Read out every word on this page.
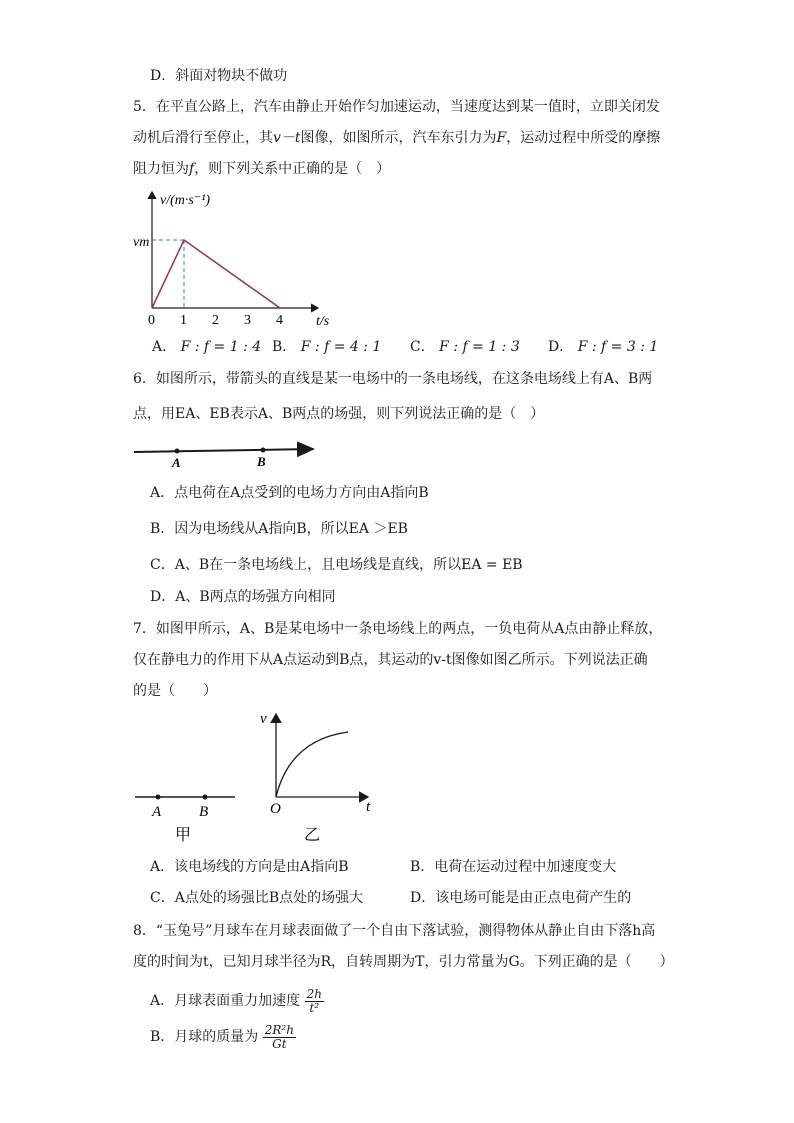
D．斜面对物块不做功
5．在平直公路上，汽车由静止开始作匀加速运动，当速度达到某一值时，立即关闭发
动机后滑行至停止，其v－t图像，如图所示，汽车东引力为F，运动过程中所受的摩擦
阻力恒为f，则下列关系中正确的是（　）
v/(m·s⁻¹)
vm
0 1 2 3 4 t/s
A． F : f = 1 : 4 B． F : f = 4 : 1 C． F : f = 1 : 3 D． F : f = 3 : 1
6．如图所示，带箭头的直线是某一电场中的一条电场线，在这条电场线上有A、B两
点，用EA、EB表示A、B两点的场强，则下列说法正确的是（　）
A	B
A．点电荷在A点受到的电场力方向由A指向B
B．因为电场线从A指向B，所以EA ＞EB
C．A、B在一条电场线上，且电场线是直线，所以EA = EB
D．A、B两点的场强方向相同
7．如图甲所示，A、B是某电场中一条电场线上的两点，一负电荷从A点由静止释放，
仅在静电力的作用下从A点运动到B点，其运动的v-t图像如图乙所示。下列说法正确
的是（　　）
A	B
甲
v
O	t
乙
A．该电场线的方向是由A指向B	B．电荷在运动过程中加速度变大
C．A点处的场强比B点处的场强大	D．该电场可能是由正点电荷产生的
8．“玉兔号”月球车在月球表面做了一个自由下落试验，测得物体从静止自由下落h高
度的时间为t，已知月球半径为R，自转周期为T，引力常量为G。下列正确的是（　　）
A．月球表面重力加速度 $\frac{2h}{\text{t²}}$
B．月球的质量为 $\frac{\text{2R²h}}{Gt}$
